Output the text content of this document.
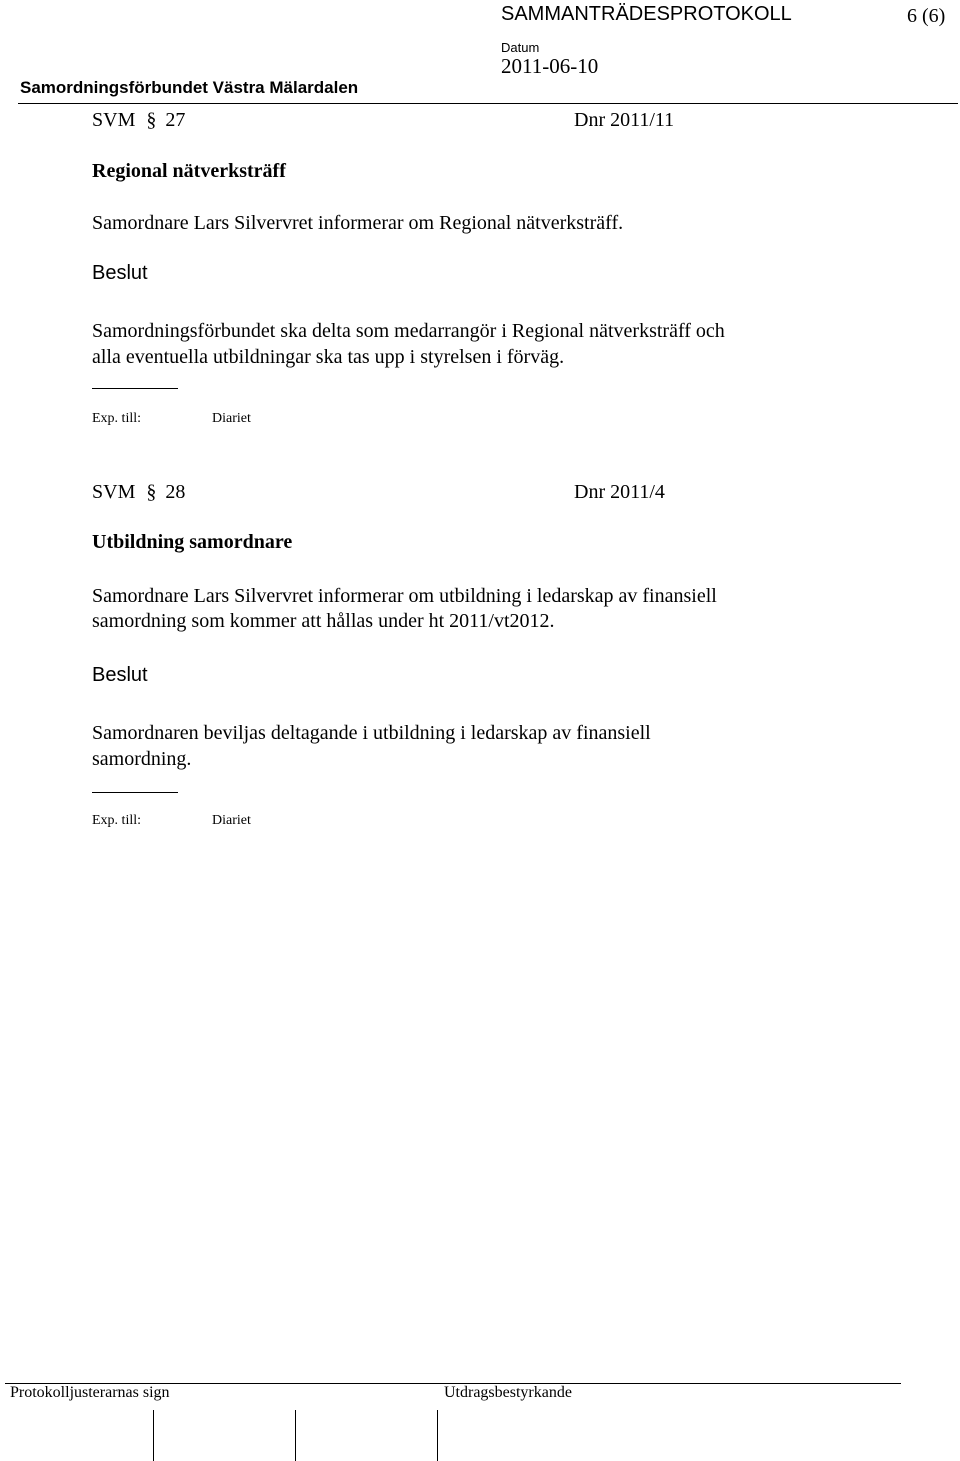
SAMMANTRÄDESPROTOKOLL	6 (6)
Datum
2011-06-10
Samordningsförbundet Västra Mälardalen
SVM § 27	Dnr 2011/11
Regional nätverksträff
Samordnare Lars Silvervret informerar om Regional nätverksträff.
Beslut
Samordningsförbundet ska delta som medarrangör i Regional nätverksträff och
alla eventuella utbildningar ska tas upp i styrelsen i förväg.
Exp. till:	Diariet
SVM § 28	Dnr 2011/4
Utbildning samordnare
Samordnare Lars Silvervret informerar om utbildning i ledarskap av finansiell
samordning som kommer att hållas under ht 2011/vt2012.
Beslut
Samordnaren beviljas deltagande i utbildning i ledarskap av finansiell
samordning.
Exp. till:	Diariet
Protokolljusterarnas sign	Utdragsbestyrkande
